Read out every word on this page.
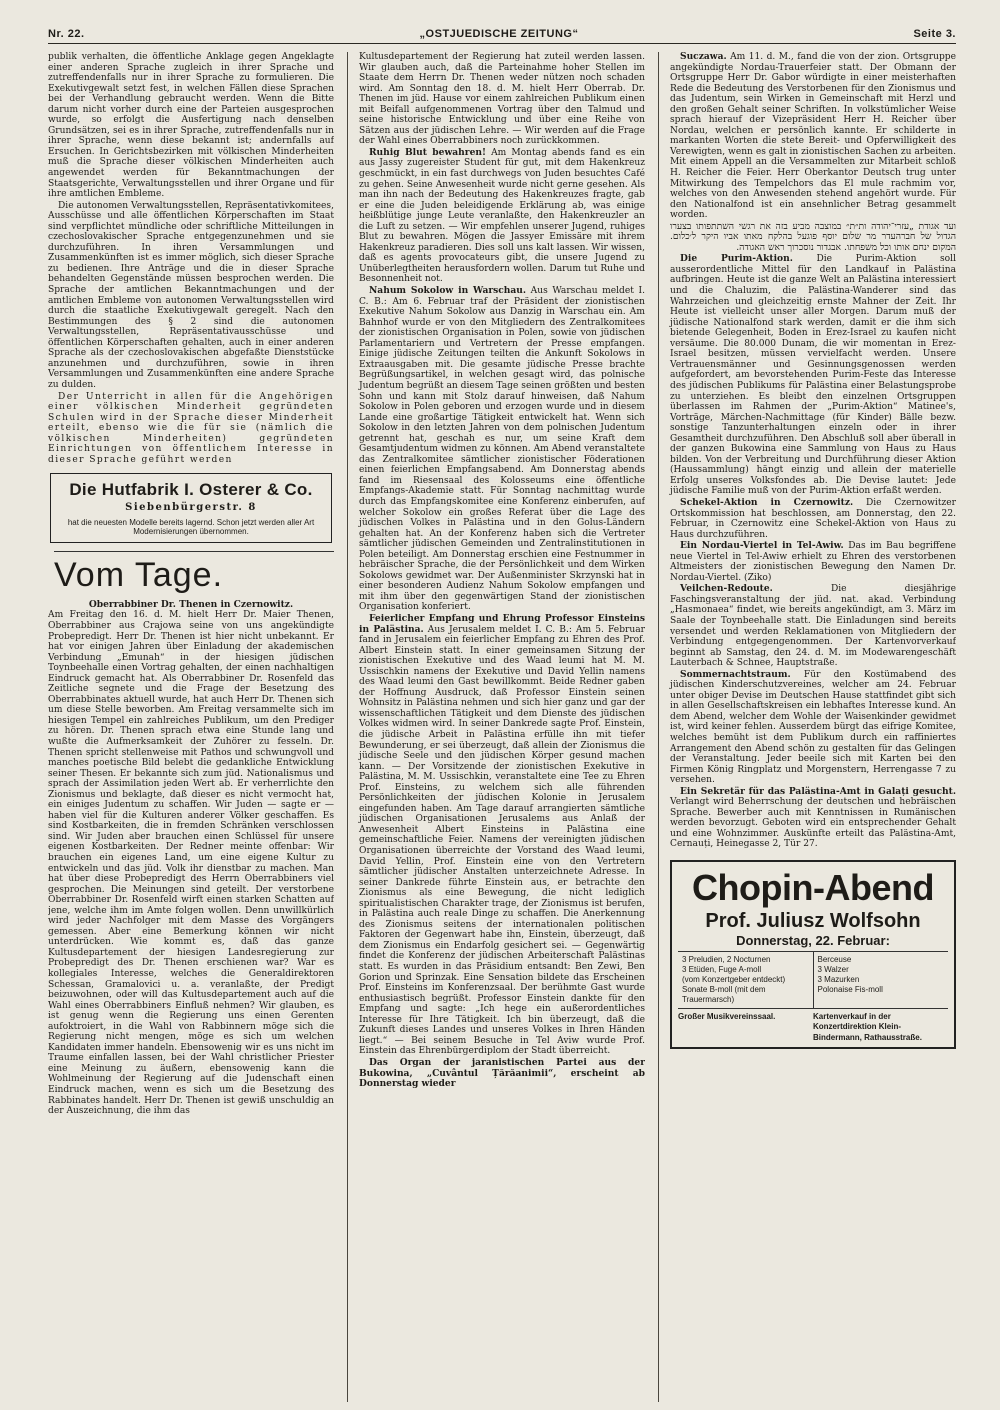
Nr. 22.	„OSTJUEDISCHE ZEITUNG“	Seite 3.

publik verhalten, die öffentliche Anklage gegen Angeklagte einer anderen Sprache zugleich in ihrer Sprache und zutreffendenfalls nur in ihrer Sprache zu formulieren. Die Exekutivgewalt setzt fest, in welchen Fällen diese Sprachen bei der Verhandlung gebraucht werden. Wenn die Bitte darum nicht vorher durch eine der Parteien ausgesprochen wurde, so erfolgt die Ausfertigung nach denselben Grundsätzen, sei es in ihrer Sprache, zutreffendenfalls nur in ihrer Sprache, wenn diese bekannt ist; andernfalls auf Ersuchen. In Gerichtsbezirken mit völkischen Minderheiten muß die Sprache dieser völkischen Minderheiten auch angewendet werden für Bekanntmachungen der Staatsgerichte, Verwaltungsstellen und ihrer Organe und für ihre amtlichen Embleme.

Die autonomen Verwaltungsstellen, Repräsentativkomitees, Ausschüsse und alle öffentlichen Körperschaften im Staat sind verpflichtet mündliche oder schriftliche Mitteilungen in czechoslovakischer Sprache entgegenzunehmen und sie durchzuführen. In ihren Versammlungen und Zusammenkünften ist es immer möglich, sich dieser Sprache zu bedienen. Ihre Anträge und die in dieser Sprache behandelten Gegenstände müssen besprochen werden. Die Sprache der amtlichen Bekanntmachungen und der amtlichen Embleme von autonomen Verwaltungsstellen wird durch die staatliche Exekutivgewalt geregelt. Nach den Bestimmungen des § 2 sind die autonomen Verwaltungsstellen, Repräsentativausschüsse und öffentlichen Körperschaften gehalten, auch in einer anderen Sprache als der czechoslovakischen abgefaßte Dienststücke anzunehmen und durchzuführen, sowie in ihren Versammlungen und Zusammenkünften eine andere Sprache zu dulden.

Der Unterricht in allen für die Angehörigen einer völkischen Minderheit gegründeten Schulen wird in der Sprache dieser Minderheit erteilt, ebenso wie die für sie (nämlich die völkischen Minderheiten) gegründeten Einrichtungen von öffentlichem Interesse in dieser Sprache geführt werden

Die Hutfabrik I. Osterer & Co.
Siebenbürgerstr. 8
hat die neuesten Modelle bereits lagernd. Schon jetzt werden aller Art Modernisierungen übernommen.
Vom Tage.
Oberrabbiner Dr. Thenen in Czernowitz.

Am Freitag den 16. d. M. hielt Herr Dr. Maier Thenen, Oberrabbiner aus Crajowa seine von uns angekündigte Probepredigt. Herr Dr. Thenen ist hier nicht unbekannt. Er hat vor einigen Jahren über Einladung der akademischen Verbindung „Emunah“ in der hiesigen jüdischen Toynbeehalle einen Vortrag gehalten, der einen nachhaltigen Eindruck gemacht hat. Als Oberrabbiner Dr. Rosenfeld das Zeitliche segnete und die Frage der Besetzung des Oberrabbinates aktuell wurde, hat auch Herr Dr. Thenen sich um diese Stelle beworben. Am Freitag versammelte sich im hiesigen Tempel ein zahlreiches Publikum, um den Prediger zu hören. Dr. Thenen sprach etwa eine Stunde lang und wußte die Aufmerksamkeit der Zuhörer zu fesseln. Dr. Thenen spricht stellenweise mit Pathos und schwungvoll und manches poetische Bild belebt die gedankliche Entwicklung seiner Thesen. Er bekannte sich zum jüd. Nationalismus und sprach der Assimilation jeden Wert ab. Er verherrlichte den Zionismus und beklagte, daß dieser es nicht vermocht hat, ein einiges Judentum zu schaffen. Wir Juden — sagte er — haben viel für die Kulturen anderer Völker geschaffen. Es sind Kostbarkeiten, die in fremden Schränken verschlossen sind. Wir Juden aber brauchen einen Schlüssel für unsere eigenen Kostbarkeiten. Der Redner meinte offenbar: Wir brauchen ein eigenes Land, um eine eigene Kultur zu entwickeln und das jüd. Volk ihr dienstbar zu machen. Man hat über diese Probepredigt des Herrn Oberrabbiners viel gesprochen. Die Meinungen sind geteilt. Der verstorbene Oberrabbiner Dr. Rosenfeld wirft einen starken Schatten auf jene, welche ihm im Amte folgen wollen. Denn unwillkürlich wird jeder Nachfolger mit dem Masse des Vorgängers gemessen. Aber eine Bemerkung können wir nicht unterdrücken. Wie kommt es, daß das ganze Kultusdepartement der hiesigen Landesregierung zur Probepredigt des Dr. Thenen erschienen war? War es kollegiales Interesse, welches die Generaldirektoren Schessan, Gramalovici u. a. veranlaßte, der Predigt beizuwohnen, oder will das Kultusdepartement auch auf die Wahl eines Oberrabbiners Einfluß nehmen? Wir glauben, es ist genug wenn die Regierung uns einen Gerenten aufoktroiert, in die Wahl von Rabbinnern möge sich die Regierung nicht mengen, möge es sich um welchen Kandidaten immer handeln. Ebensowenig wir es uns nicht im Traume einfallen lassen, bei der Wahl christlicher Priester eine Meinung zu äußern, ebensowenig kann die Wohlmeinung der Regierung auf die Judenschaft einen Eindruck machen, wenn es sich um die Besetzung des Rabbinates handelt. Herr Dr. Thenen ist gewiß unschuldig an der Auszeichnung, die ihm das

Kultusdepartement der Regierung hat zuteil werden lassen. Wir glauben auch, daß die Parteinahme hoher Stellen im Staate dem Herrn Dr. Thenen weder nützen noch schaden wird. Am Sonntag den 18. d. M. hielt Herr Oberrab. Dr. Thenen im jüd. Hause vor einem zahlreichen Publikum einen mit Beifall aufgenommenen Vortrag über den Talmud und seine historische Entwicklung und über eine Reihe von Sätzen aus der jüdischen Lehre. — Wir werden auf die Frage der Wahl eines Oberrabbiners noch zurückkommen.

Ruhig Blut bewahren! Am Montag abends fand es ein aus Jassy zugereister Student für gut, mit dem Hakenkreuz geschmückt, in ein fast durchwegs von Juden besuchtes Café zu gehen. Seine Anwesenheit wurde nicht gerne gesehen. Als man ihn nach der Bedeutung des Hakenkreuzes fragte, gab er eine die Juden beleidigende Erklärung ab, was einige heißblütige junge Leute veranlaßte, den Hakenkreuzler an die Luft zu setzen. — Wir empfehlen unserer Jugend, ruhiges Blut zu bewahren. Mögen die Jassyer Emissäre mit ihrem Hakenkreuz paradieren. Dies soll uns kalt lassen. Wir wissen, daß es agents provocateurs gibt, die unsere Jugend zu Unüberlegtheiten herausfordern wollen. Darum tut Ruhe und Besonnenheit not.

Nahum Sokolow in Warschau. Aus Warschau meldet I. C. B.: Am 6. Februar traf der Präsident der zionistischen Exekutive Nahum Sokolow aus Danzig in Warschau ein. Am Bahnhof wurde er von den Mitgliedern des Zentralkomitees der zionistischen Organisation in Polen, sowie von jüdischen Parlamentariern und Vertretern der Presse empfangen. Einige jüdische Zeitungen teilten die Ankunft Sokolows in Extraausgaben mit. Die gesamte jüdische Presse brachte Begrüßungsartikel, in welchen gesagt wird, das polnische Judentum begrüßt an diesem Tage seinen größten und besten Sohn und kann mit Stolz darauf hinweisen, daß Nahum Sokolow in Polen geboren und erzogen wurde und in diesem Lande eine großartige Tätigkeit entwickelt hat. Wenn sich Sokolow in den letzten Jahren von dem polnischen Judentum getrennt hat, geschah es nur, um seine Kraft dem Gesamtjudentum widmen zu können. Am Abend veranstaltete das Zentralkomitee sämtlicher zionistischer Föderationen einen feierlichen Empfangsabend. Am Donnerstag abends fand im Riesensaal des Kolosseums eine öffentliche Empfangs-Akademie statt. Für Sonntag nachmittag wurde durch das Empfangskomitee eine Konferenz einberufen, auf welcher Sokolow ein großes Referat über die Lage des jüdischen Volkes in Palästina und in den Golus-Ländern gehalten hat. An der Konferenz haben sich die Vertreter sämtlicher jüdischen Gemeinden und Zentralinstitutionen in Polen beteiligt. Am Donnerstag erschien eine Festnummer in hebräischer Sprache, die der Persönlichkeit und dem Wirken Sokolows gewidmet war. Der Außenminister Skrzynski hat in einer besonderen Audienz Nahum Sokolow empfangen und mit ihm über den gegenwärtigen Stand der zionistischen Organisation konferiert.

Feierlicher Empfang und Ehrung Professor Einsteins in Palästina. Aus Jerusalem meldet I. C. B.: Am 5. Februar fand in Jerusalem ein feierlicher Empfang zu Ehren des Prof. Albert Einstein statt. In einer gemeinsamen Sitzung der zionistischen Exekutive und des Waad leumi hat M. M. Ussischkin namens der Exekutive und David Yellin namens des Waad leumi den Gast bewillkommt. Beide Redner gaben der Hoffnung Ausdruck, daß Professor Einstein seinen Wohnsitz in Palästina nehmen und sich hier ganz und gar der wissenschaftlichen Tätigkeit und dem Dienste des jüdischen Volkes widmen wird. In seiner Dankrede sagte Prof. Einstein, die jüdische Arbeit in Palästina erfülle ihn mit tiefer Bewunderung, er sei überzeugt, daß allein der Zionismus die jüdische Seele und den jüdischen Körper gesund machen kann. — Der Vorsitzende der zionistischen Exekutive in Palästina, M. M. Ussischkin, veranstaltete eine Tee zu Ehren Prof. Einsteins, zu welchem sich alle führenden Persönlichkeiten der jüdischen Kolonie in Jerusalem eingefunden haben. Am Tage darauf arrangierten sämtliche jüdischen Organisationen Jerusalems aus Anlaß der Anwesenheit Albert Einsteins in Palästina eine gemeinschaftliche Feier. Namens der vereinigten jüdischen Organisationen überreichte der Vorstand des Waad leumi, David Yellin, Prof. Einstein eine von den Vertretern sämtlicher jüdischer Anstalten unterzeichnete Adresse. In seiner Dankrede führte Einstein aus, er betrachte den Zionismus als eine Bewegung, die nicht lediglich spiritualistischen Charakter trage, der Zionismus ist berufen, in Palästina auch reale Dinge zu schaffen. Die Anerkennung des Zionismus seitens der internationalen politischen Faktoren der Gegenwart habe ihn, Einstein, überzeugt, daß dem Zionismus ein Endarfolg gesichert sei. — Gegenwärtig findet die Konferenz der jüdischen Arbeiterschaft Palästinas statt. Es wurden in das Präsidium entsandt: Ben Zewi, Ben Gorion und Sprinzak. Eine Sensation bildete das Erscheinen Prof. Einsteins im Konferenzsaal. Der berühmte Gast wurde enthusiastisch begrüßt. Professor Einstein dankte für den Empfang und sagte: „Ich hege ein außerordentliches Interesse für Ihre Tätigkeit. Ich bin überzeugt, daß die Zukunft dieses Landes und unseres Volkes in Ihren Händen liegt.“ — Bei seinem Besuche in Tel Aviw wurde Prof. Einstein das Ehrenbürgerdiplom der Stadt überreicht.

Das Organ der jaranistischen Partei aus der Bukowina, „Cuvântul Țărăanimii“, erscheint ab Donnerstag wieder

Suczawa. Am 11. d. M., fand die von der zion. Ortsgruppe angekündigte Nordau-Trauerfeier statt. Der Obmann der Ortsgruppe Herr Dr. Gabor würdigte in einer meisterhaften Rede die Bedeutung des Verstorbenen für den Zionismus und das Judentum, sein Wirken in Gemeinschaft mit Herzl und den großen Gehalt seiner Schriften. In volkstümlicher Weise sprach hierauf der Vizepräsident Herr H. Reicher über Nordau, welchen er persönlich kannte. Er schilderte in markanten Worten die stete Bereit- und Opferwilligkeit des Verewigten, wenn es galt in zionistischen Sachen zu arbeiten. Mit einem Appell an die Versammelten zur Mitarbeit schloß H. Reicher die Feier. Herr Oberkantor Deutsch trug unter Mitwirkung des Tempelchors das El mule rachmim vor, welches von den Anwesenden stehend angehört wurde. Für den Nationalfond ist ein ansehnlicher Betrag gesammelt worden.

ועד אגודת „עזרי־יהודה ות״ת״ במוצבה מביע בזה את רגשי השתתפותו בצערו הגדול של חברהעדר מר שלום יוסף פוגעל בהלקח מאתו אביו היקר ל׳כלום. המקום ינחם אותו וכל משפחתו. אבגדור נוסכרוך ראש האגודה.

Die Purim-Aktion.	Die Purim-Aktion soll ausserordentliche Mittel für den Landkauf in Palästina aufbringen. Heute ist die ganze Welt an Palästina interessiert und die Chaluzim, die Palästina-Wanderer sind das Wahrzeichen und gleichzeitig ernste Mahner der Zeit. Ihr Heute ist vielleicht unser aller Morgen. Darum muß der jüdische Nationalfond stark werden, damit er die ihm sich bietende Gelegenheit, Boden in Erez-Israel zu kaufen nicht versäume. Die 80.000 Dunam, die wir momentan in Erez-Israel besitzen, müssen vervielfacht werden. Unsere Vertrauensmänner und Gesinnungsgenossen werden aufgefordert, am bevorstehenden Purim-Feste das Interesse des jüdischen Publikums für Palästina einer Belastungsprobe zu unterziehen. Es bleibt den einzelnen Ortsgruppen überlassen im Rahmen der „Purim-Aktion“ Matinee's, Vorträge, Märchen-Nachmittage (für Kinder) Bälle bezw. sonstige Tanzunterhaltungen einzeln oder in ihrer Gesamtheit durchzuführen. Den Abschluß soll aber überall in der ganzen Bukowina eine Sammlung von Haus zu Haus bilden. Von der Verbreitung und Durchführung dieser Aktion (Haussammlung) hängt einzig und allein der materielle Erfolg unseres Volksfondes ab. Die Devise lautet: Jede jüdische Familie muß von der Purim-Aktion erfaßt werden.

Schekel-Aktion in Czernowitz. Die Czernowitzer Ortskommission hat beschlossen, am Donnerstag, den 22. Februar, in Czernowitz eine Schekel-Aktion von Haus zu Haus durchzuführen.

Ein Nordau-Viertel in Tel-Awiw. Das im Bau begriffene neue Viertel in Tel-Awiw erhielt zu Ehren des verstorbenen Altmeisters der zionistischen Bewegung den Namen Dr. Nordau-Viertel. (Ziko)

Veilchen-Redoute.	Die diesjährige Faschingsveranstaltung der jüd. nat. akad. Verbindung „Hasmonaea“ findet, wie bereits angekündigt, am 3. März im Saale der Toynbeehalle statt. Die Einladungen sind bereits versendet und werden Reklamationen von Mitgliedern der Verbindung entgegengenommen. Der Kartenvorverkauf beginnt ab Samstag, den 24. d. M. im Modewarengeschäft Lauterbach & Schnee, Hauptstraße.

Sommernachtstraum. Für den Kostümabend des jüdischen Kinderschutzvereines, welcher am 24. Februar unter obiger Devise im Deutschen Hause stattfindet gibt sich in allen Gesellschaftskreisen ein lebhaftes Interesse kund. An dem Abend, welcher dem Wohle der Waisenkinder gewidmet ist, wird keiner fehlen. Ausserdem bürgt das eifrige Komitee, welches bemüht ist dem Publikum durch ein raffiniertes Arrangement den Abend schön zu gestalten für das Gelingen der Veranstaltung. Jeder beeile sich mit Karten bei den Firmen König Ringplatz und Morgenstern, Herrengasse 7 zu versehen.

Ein Sekretär für das Palästina-Amt in Galați gesucht. Verlangt wird Beherrschung der deutschen und hebräischen Sprache. Bewerber auch mit Kenntnissen in Rumänischen werden bevorzugt. Geboten wird ein entsprechender Gehalt und eine Wohnzimmer. Auskünfte erteilt das Palästina-Amt, Cernauți, Heinegasse 2, Tür 27.

Chopin-Abend
Prof. Juliusz Wolfsohn
Donnerstag, 22. Februar:
3 Preludien, 2 Nocturnen
3 Etüden, Fuge A-moll
(vom Konzertgeber entdeckt)
Sonate B-moll (mit dem Trauermarsch)
Berceuse
3 Walzer
3 Mazurken
Polonaise Fis-moll
Großer Musikvereinssaal.	Kartenverkauf in der Konzertdirektion Klein-Bindermann, Rathausstraße.
